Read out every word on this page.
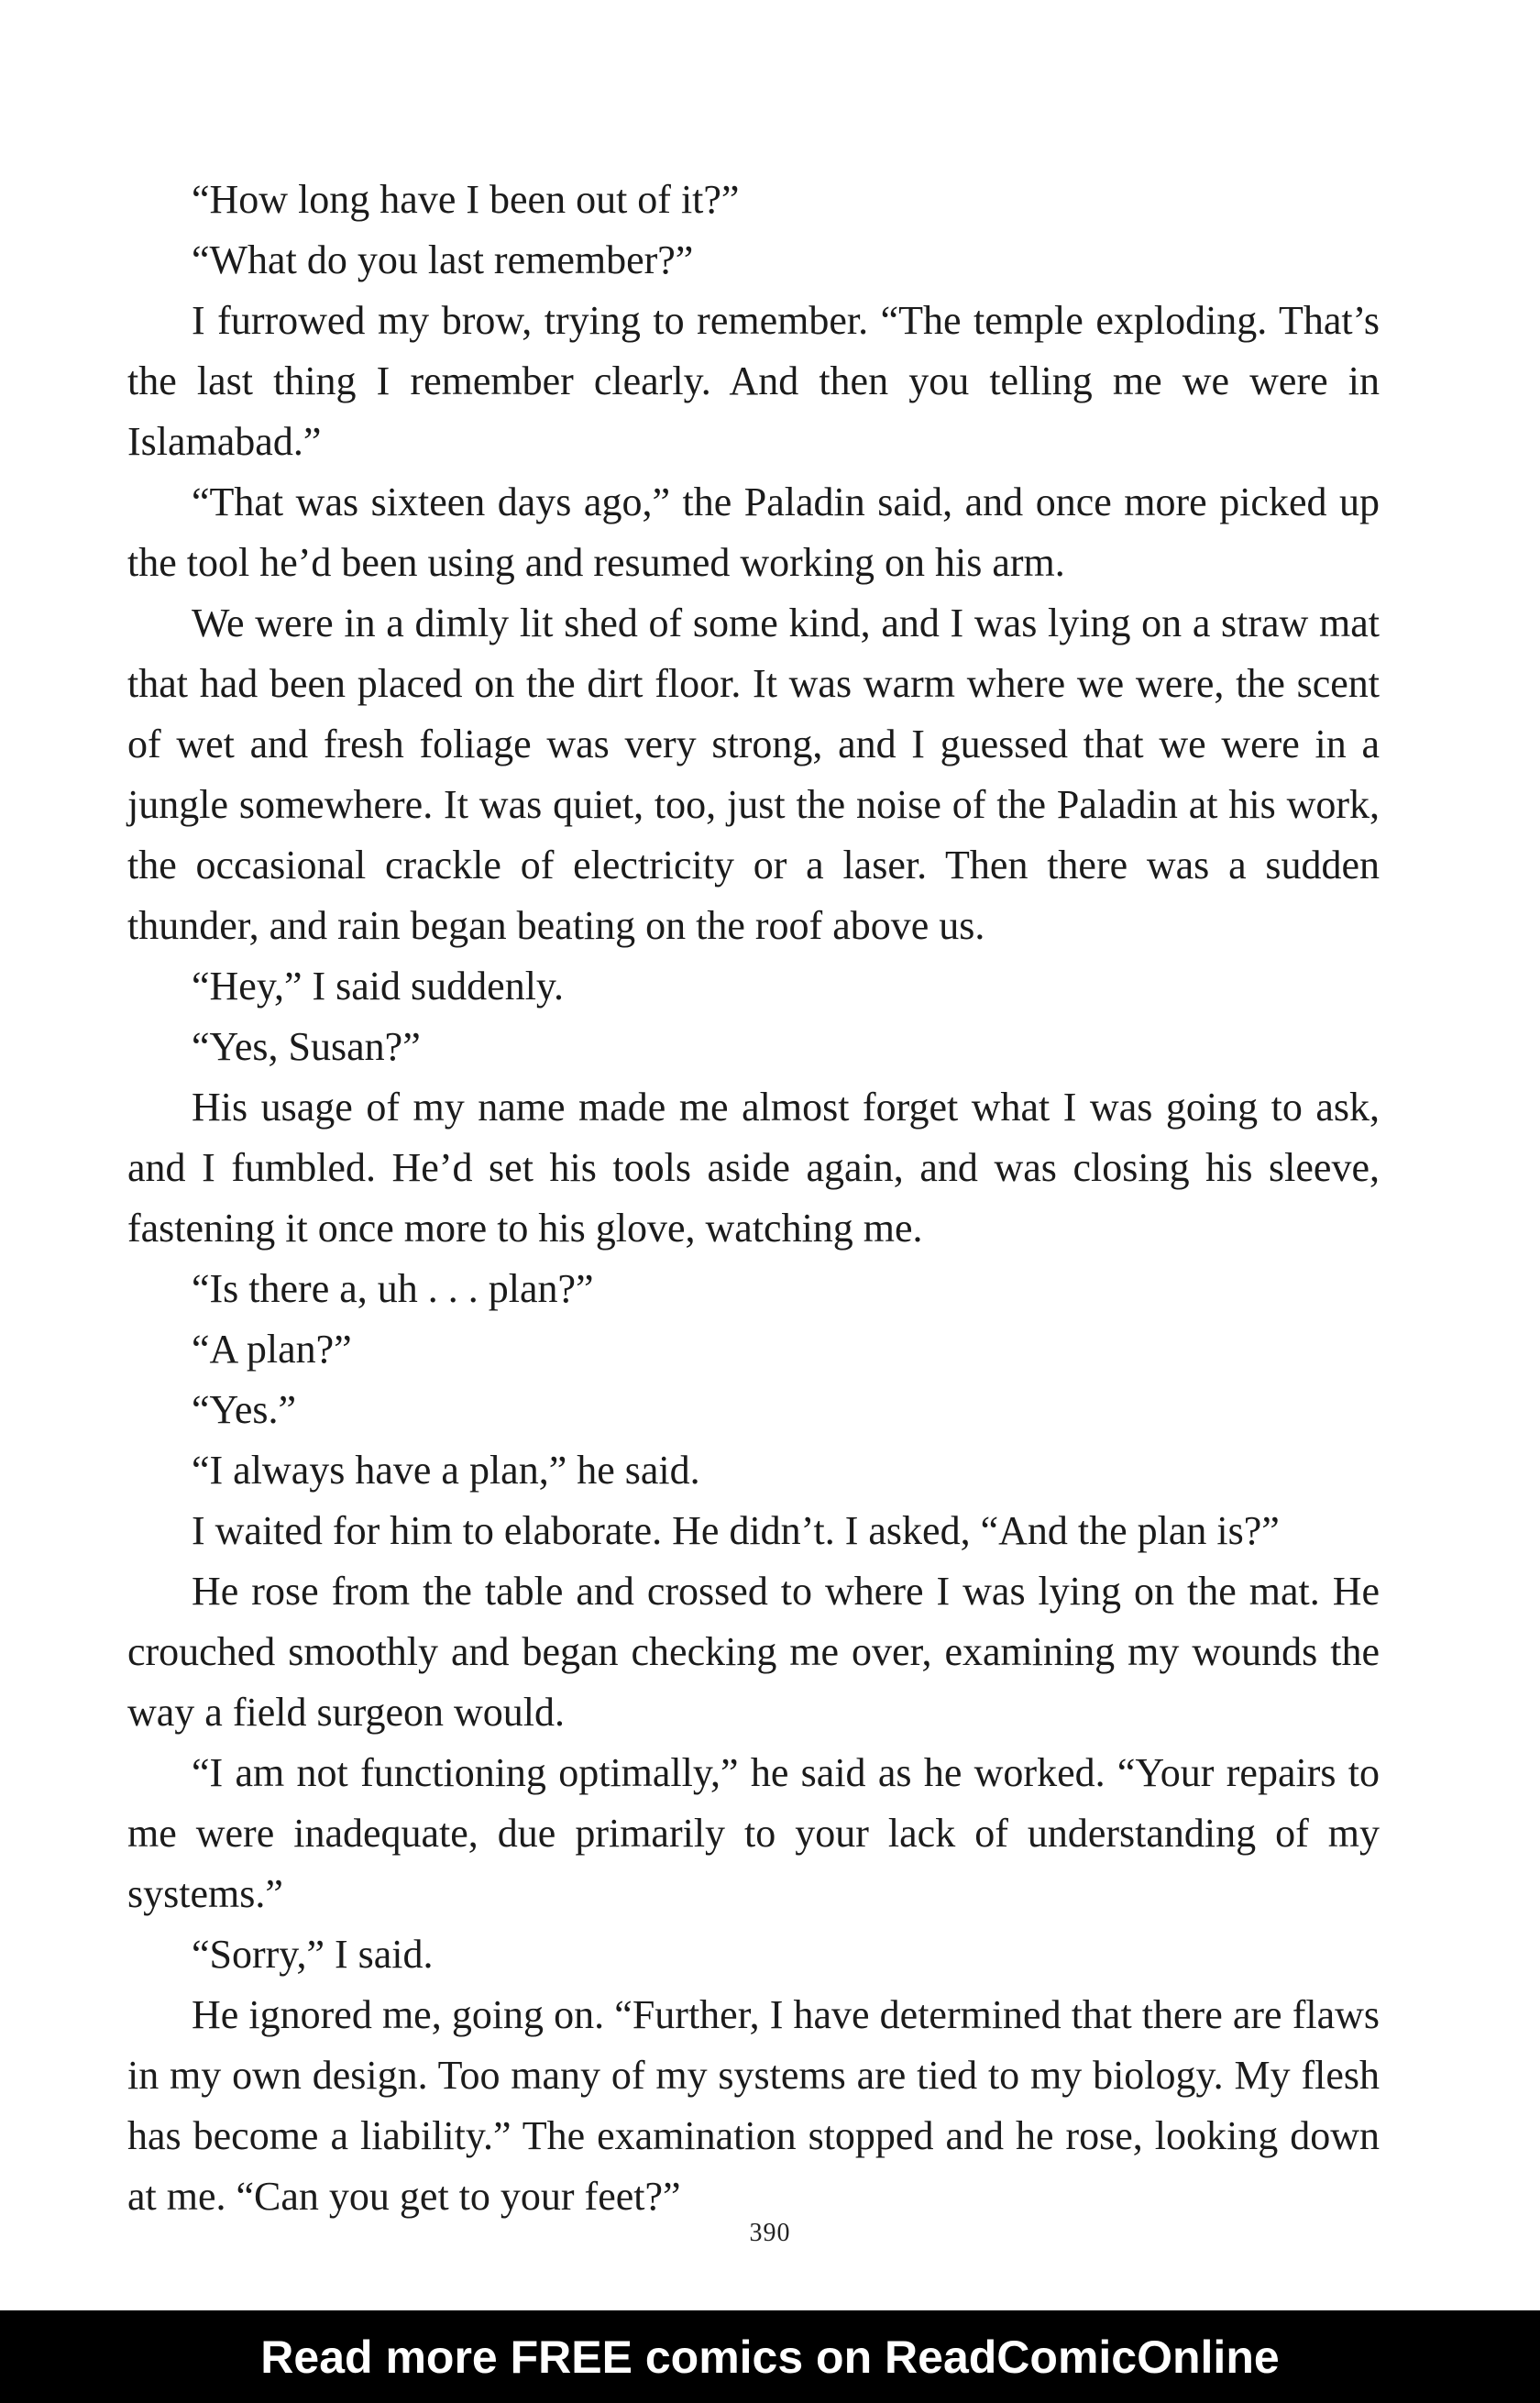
“How long have I been out of it?”

“What do you last remember?”

I furrowed my brow, trying to remember. “The temple exploding. That’s the last thing I remember clearly. And then you telling me we were in Islamabad.”

“That was sixteen days ago,” the Paladin said, and once more picked up the tool he’d been using and resumed working on his arm.

We were in a dimly lit shed of some kind, and I was lying on a straw mat that had been placed on the dirt floor. It was warm where we were, the scent of wet and fresh foliage was very strong, and I guessed that we were in a jungle somewhere. It was quiet, too, just the noise of the Paladin at his work, the occasional crackle of electricity or a laser. Then there was a sudden thunder, and rain began beating on the roof above us.

“Hey,” I said suddenly.

“Yes, Susan?”

His usage of my name made me almost forget what I was going to ask, and I fumbled. He’d set his tools aside again, and was closing his sleeve, fastening it once more to his glove, watching me.

“Is there a, uh . . . plan?”

“A plan?”

“Yes.”

“I always have a plan,” he said.

I waited for him to elaborate. He didn’t. I asked, “And the plan is?”

He rose from the table and crossed to where I was lying on the mat. He crouched smoothly and began checking me over, examining my wounds the way a field surgeon would.

“I am not functioning optimally,” he said as he worked. “Your repairs to me were inadequate, due primarily to your lack of understanding of my systems.”

“Sorry,” I said.

He ignored me, going on. “Further, I have determined that there are flaws in my own design. Too many of my systems are tied to my biology. My flesh has become a liability.” The examination stopped and he rose, looking down at me. “Can you get to your feet?”

390
Read more FREE comics on ReadComicOnline
